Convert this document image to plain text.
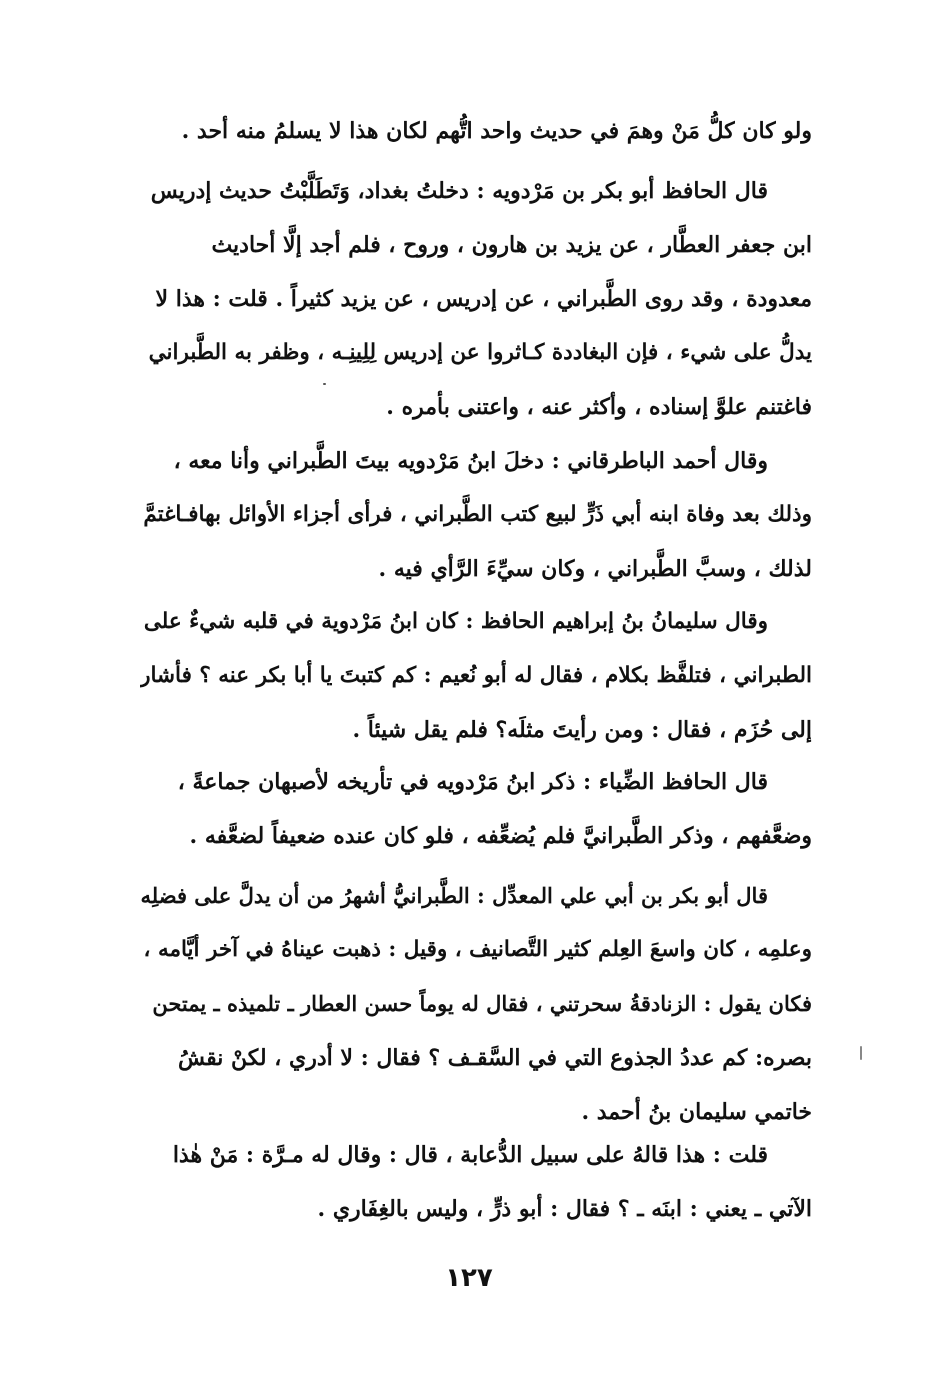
ولو كان كلُّ مَنْ وهمَ في حديث واحد اتُّهم لكان هذا لا يسلمُ منه أحد .
قال الحافظ أبو بكر بن مَرْدويه : دخلتُ بغداد، وَتَطَلَّبْتُ حديث إدريس
ابن جعفر العطَّار ، عن يزيد بن هارون ، وروح ، فلم أجد إلَّا أحاديث
معدودة ، وقد روى الطَّبراني ، عن إدريس ، عن يزيد كثيراً . قلت : هذا لا
يدلُّ على شيء ، فإن البغاددة كـاثروا عن إدريس لِلِينِـه ، وظفر به الطَّبراني
فاغتنم علوَّ إسناده ، وأكثر عنه ، واعتنى بأمره .
وقال أحمد الباطرقاني : دخلَ ابنُ مَرْدويه بيتَ الطَّبراني وأنا معه ،
وذلك بعد وفاة ابنه أبي ذَرٍّ لبيع كتب الطَّبراني ، فرأى أجزاء الأوائل بهافـاغتمَّ
لذلك ، وسبَّ الطَّبراني ، وكان سيِّءَ الرَّأي فيه .
وقال سليمانُ بنُ إبراهيم الحافظ : كان ابنُ مَرْدوية في قلبه شيءٌ على
الطبراني ، فتلفَّظ بكلام ، فقال له أبو نُعيم : كم كتبتَ يا أبا بكر عنه ؟ فأشار
إلى حُزَم ، فقال : ومن رأيتَ مثلَه؟ فلم يقل شيئاً .
قال الحافظ الضِّياء : ذكر ابنُ مَرْدويه في تأريخه لأصبهان جماعةً ،
وضعَّفهم ، وذكر الطَّبرانيَّ فلم يُضعِّفه ، فلو كان عنده ضعيفاً لضعَّفه .
قال أبو بكر بن أبي علي المعدِّل : الطَّبرانيُّ أشهرُ من أن يدلَّ على فضلِه
وعلمِه ، كان واسعَ العِلم كثير التَّصانيف ، وقيل : ذهبت عيناهُ في آخر أيَّامه ،
فكان يقول : الزنادقةُ سحرتني ، فقال له يوماً حسن العطار ـ تلميذه ـ يمتحن
بصره: كم عددُ الجذوع التي في السَّقـف ؟ فقال : لا أدري ، لكنْ نقشُ
خاتمي سليمان بنُ أحمد .
قلت : هذا قالهُ على سبيل الدُّعابة ، قال : وقال له مـرَّة : مَنْ هٰذا
الآتي ـ يعني : ابنَه ـ ؟ فقال : أبو ذرٍّ ، وليس بالغِفَاري .
١٢٧
